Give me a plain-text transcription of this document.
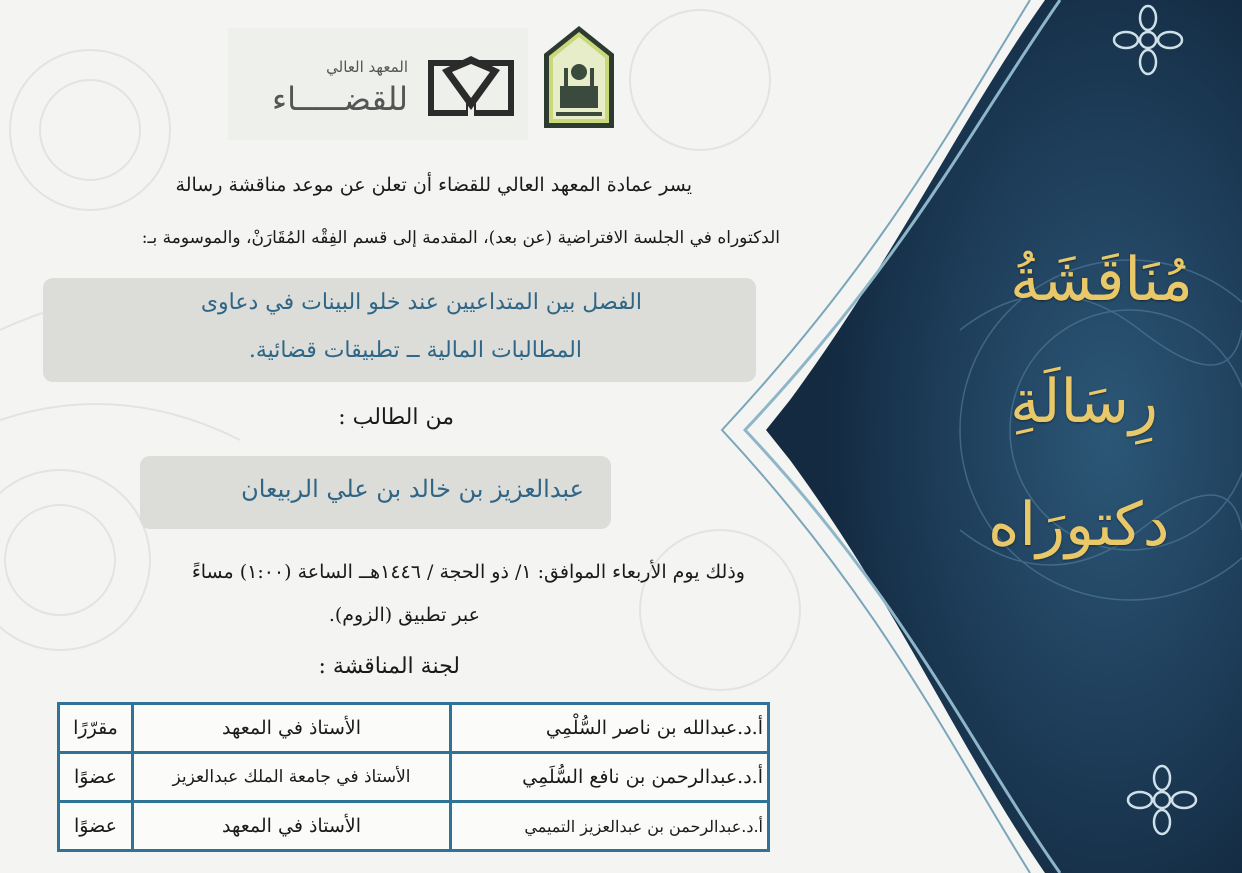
مُنَاقَشَةُ
رِسَالَةِ
دكتورَاه
المعهد العالي
للقضـــــاء
يسر عمادة المعهد العالي للقضاء أن تعلن عن موعد مناقشة رسالة
الدكتوراه في الجلسة الافتراضية (عن بعد)، المقدمة إلى قسم الفِقْه المُقَارَنْ، والموسومة بـ:
الفصل بين المتداعيين عند خلو البينات في دعاوى
المطالبات المالية ــ تطبيقات قضائية.
من الطالب :
عبدالعزيز بن خالد بن علي الربيعان
وذلك يوم الأربعاء الموافق: ١/ ذو الحجة / ١٤٤٦هــ الساعة (١:٠٠) مساءً
عبر تطبيق (الزوم).
لجنة المناقشة :
أ.د.عبدالله بن ناصر السُّلْمِي	الأستاذ في المعهد	مقرّرًا
أ.د.عبدالرحمن بن نافع السُّلَمِي	الأستاذ في جامعة الملك عبدالعزيز	عضوًا
أ.د.عبدالرحمن بن عبدالعزيز التميمي	الأستاذ في المعهد	عضوًا
